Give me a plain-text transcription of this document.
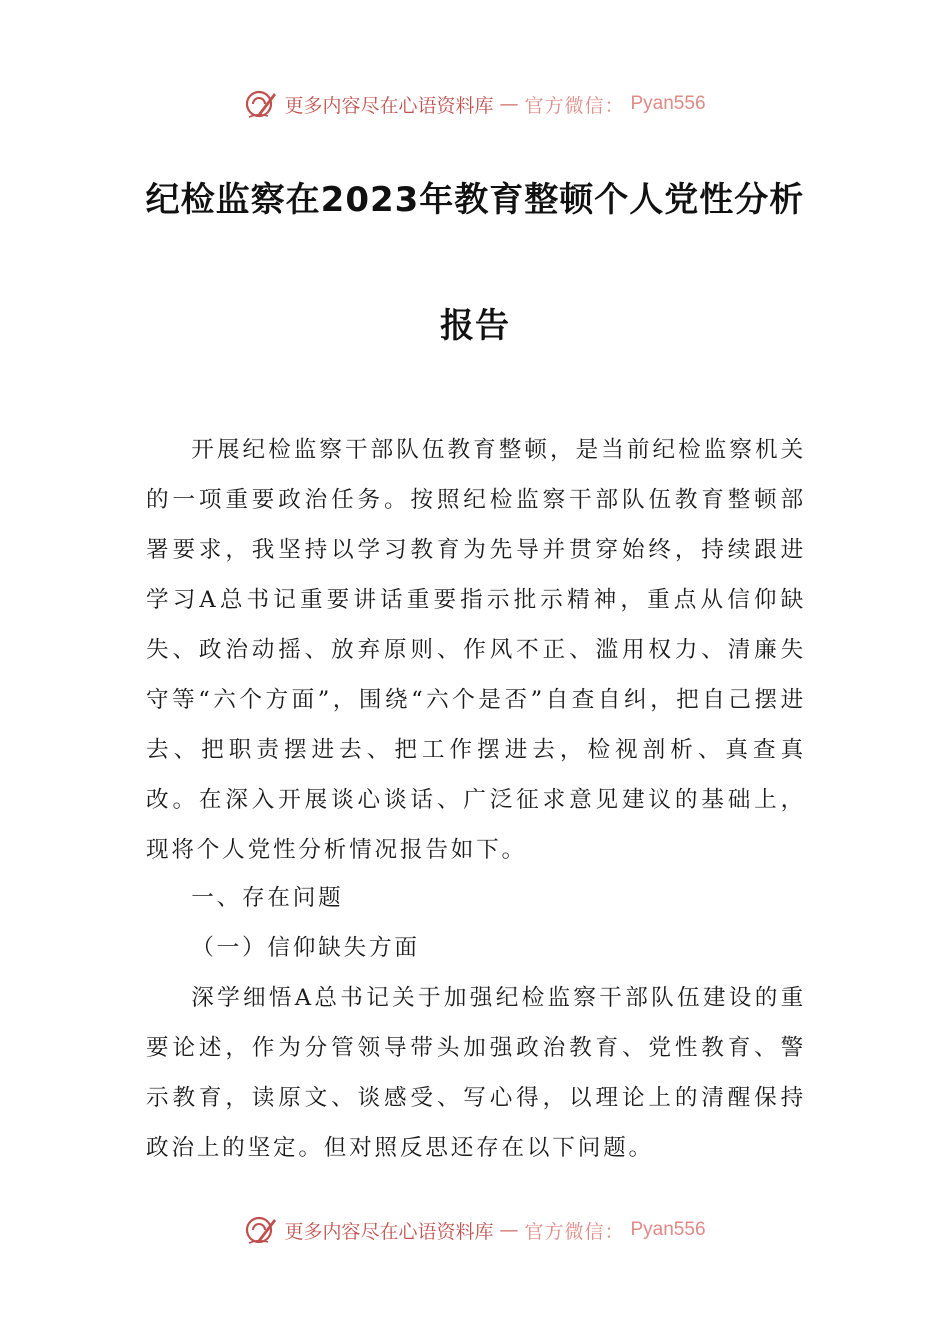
更多内容尽在心语资料库 — 官方微信： Pyan556
纪检监察在2023年教育整顿个人党性分析
报告

开展纪检监察干部队伍教育整顿，是当前纪检监察机关的一项重要政治任务。按照纪检监察干部队伍教育整顿部署要求，我坚持以学习教育为先导并贯穿始终，持续跟进学习A总书记重要讲话重要指示批示精神，重点从信仰缺失、政治动摇、放弃原则、作风不正、滥用权力、清廉失守等“六个方面”，围绕“六个是否”自查自纠，把自己摆进去、把职责摆进去、把工作摆进去，检视剖析、真查真改。在深入开展谈心谈话、广泛征求意见建议的基础上，现将个人党性分析情况报告如下。

一、存在问题

（一）信仰缺失方面

深学细悟A总书记关于加强纪检监察干部队伍建设的重要论述，作为分管领导带头加强政治教育、党性教育、警示教育，读原文、谈感受、写心得，以理论上的清醒保持政治上的坚定。但对照反思还存在以下问题。

更多内容尽在心语资料库 — 官方微信： Pyan556
